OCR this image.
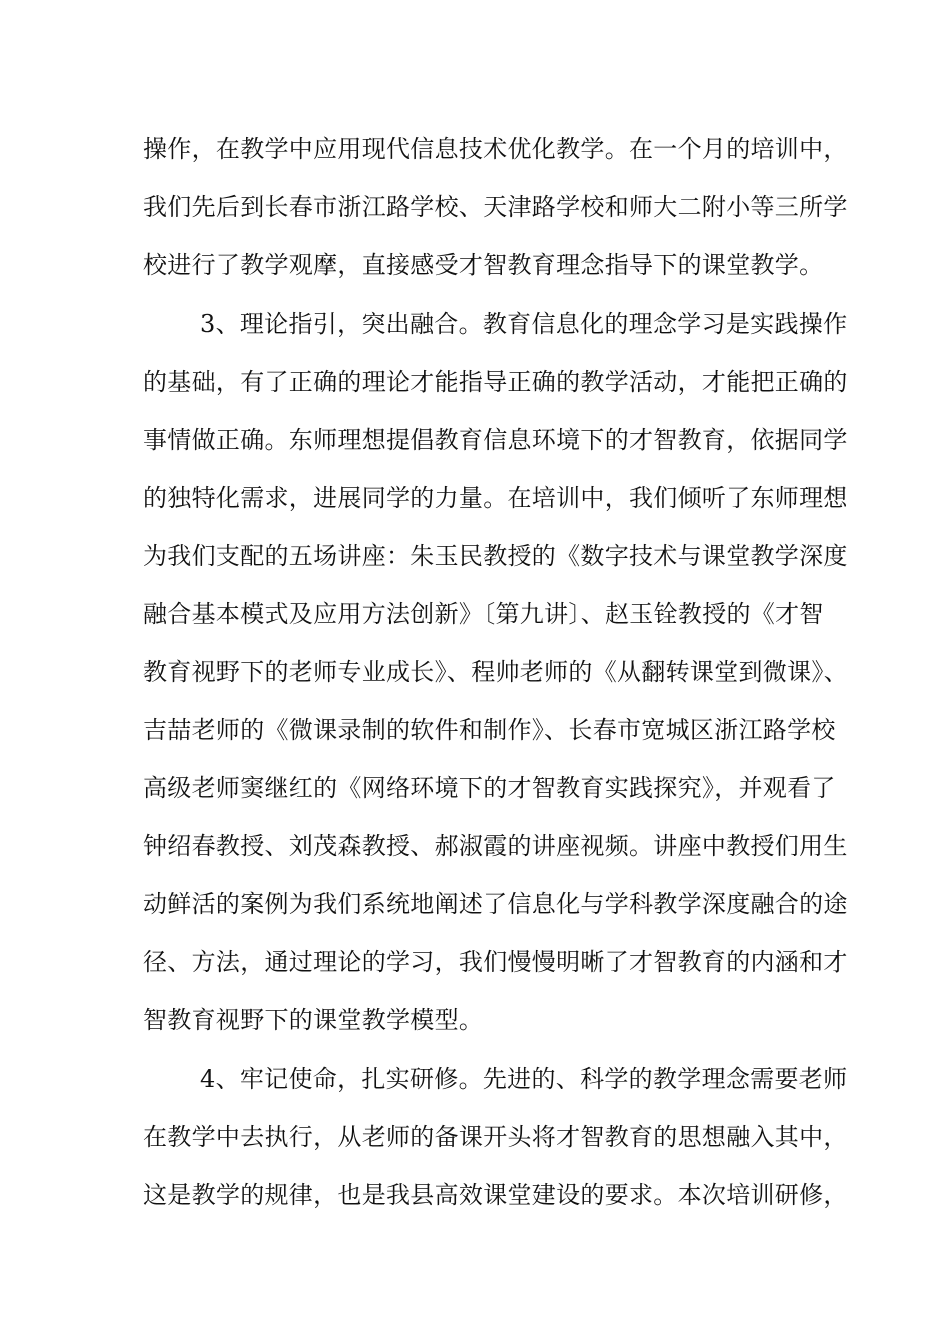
操作，在教学中应用现代信息技术优化教学。在一个月的培训中，

我们先后到长春市浙江路学校、天津路学校和师大二附小等三所学

校进行了教学观摩，直接感受才智教育理念指导下的课堂教学。

3、理论指引，突出融合。教育信息化的理念学习是实践操作

的基础，有了正确的理论才能指导正确的教学活动，才能把正确的

事情做正确。东师理想提倡教育信息环境下的才智教育，依据同学

的独特化需求，进展同学的力量。在培训中，我们倾听了东师理想

为我们支配的五场讲座：朱玉民教授的《数字技术与课堂教学深度

融合基本模式及应用方法创新》〔第九讲〕、赵玉铨教授的《才智

教育视野下的老师专业成长》、程帅老师的《从翻转课堂到微课》、

吉喆老师的《微课录制的软件和制作》、长春市宽城区浙江路学校

高级老师窦继红的《网络环境下的才智教育实践探究》，并观看了

钟绍春教授、刘茂森教授、郝淑霞的讲座视频。讲座中教授们用生

动鲜活的案例为我们系统地阐述了信息化与学科教学深度融合的途

径、方法，通过理论的学习，我们慢慢明晰了才智教育的内涵和才

智教育视野下的课堂教学模型。

4、牢记使命，扎实研修。先进的、科学的教学理念需要老师

在教学中去执行，从老师的备课开头将才智教育的思想融入其中，

这是教学的规律，也是我县高效课堂建设的要求。本次培训研修，
